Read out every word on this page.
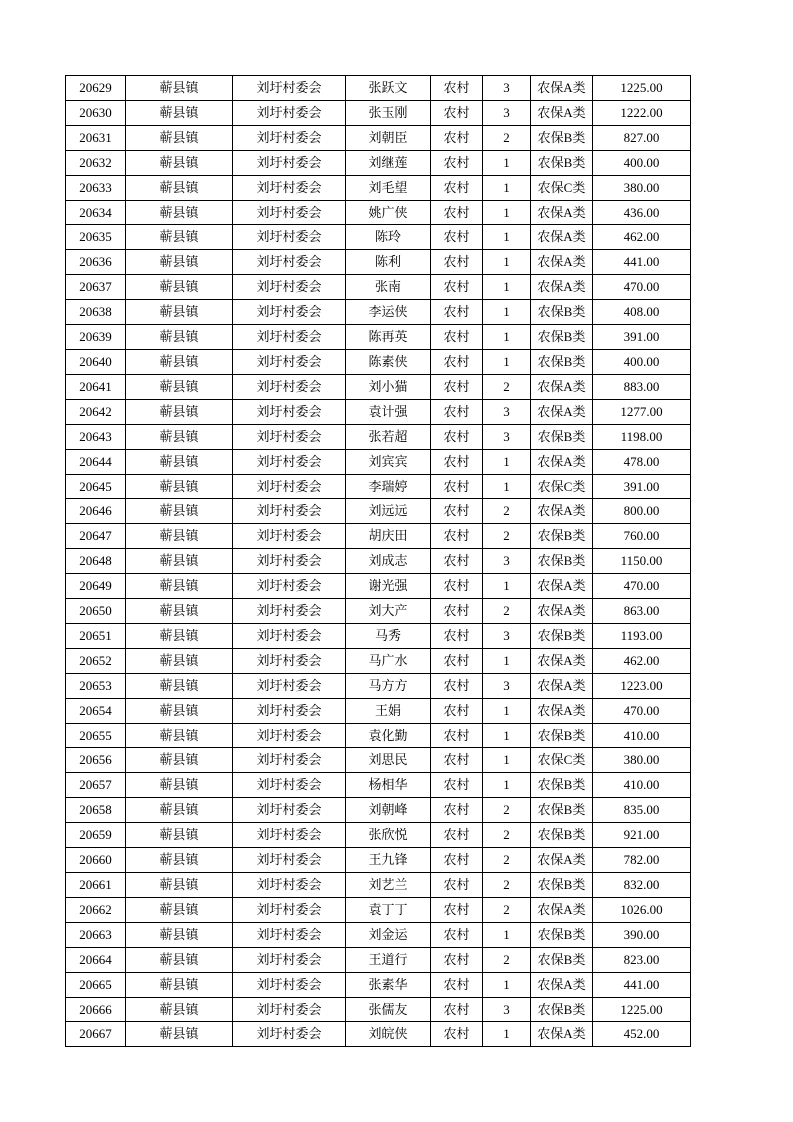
20629	蕲县镇	刘圩村委会	张跃文	农村	3	农保A类	1225.00
20630	蕲县镇	刘圩村委会	张玉刚	农村	3	农保A类	1222.00
20631	蕲县镇	刘圩村委会	刘朝臣	农村	2	农保B类	827.00
20632	蕲县镇	刘圩村委会	刘继莲	农村	1	农保B类	400.00
20633	蕲县镇	刘圩村委会	刘毛望	农村	1	农保C类	380.00
20634	蕲县镇	刘圩村委会	姚广侠	农村	1	农保A类	436.00
20635	蕲县镇	刘圩村委会	陈玲	农村	1	农保A类	462.00
20636	蕲县镇	刘圩村委会	陈利	农村	1	农保A类	441.00
20637	蕲县镇	刘圩村委会	张南	农村	1	农保A类	470.00
20638	蕲县镇	刘圩村委会	李运侠	农村	1	农保B类	408.00
20639	蕲县镇	刘圩村委会	陈再英	农村	1	农保B类	391.00
20640	蕲县镇	刘圩村委会	陈素侠	农村	1	农保B类	400.00
20641	蕲县镇	刘圩村委会	刘小猫	农村	2	农保A类	883.00
20642	蕲县镇	刘圩村委会	袁计强	农村	3	农保A类	1277.00
20643	蕲县镇	刘圩村委会	张若超	农村	3	农保B类	1198.00
20644	蕲县镇	刘圩村委会	刘宾宾	农村	1	农保A类	478.00
20645	蕲县镇	刘圩村委会	李瑞婷	农村	1	农保C类	391.00
20646	蕲县镇	刘圩村委会	刘远远	农村	2	农保A类	800.00
20647	蕲县镇	刘圩村委会	胡庆田	农村	2	农保B类	760.00
20648	蕲县镇	刘圩村委会	刘成志	农村	3	农保B类	1150.00
20649	蕲县镇	刘圩村委会	谢光强	农村	1	农保A类	470.00
20650	蕲县镇	刘圩村委会	刘大产	农村	2	农保A类	863.00
20651	蕲县镇	刘圩村委会	马秀	农村	3	农保B类	1193.00
20652	蕲县镇	刘圩村委会	马广水	农村	1	农保A类	462.00
20653	蕲县镇	刘圩村委会	马方方	农村	3	农保A类	1223.00
20654	蕲县镇	刘圩村委会	王娟	农村	1	农保A类	470.00
20655	蕲县镇	刘圩村委会	袁化勤	农村	1	农保B类	410.00
20656	蕲县镇	刘圩村委会	刘思民	农村	1	农保C类	380.00
20657	蕲县镇	刘圩村委会	杨相华	农村	1	农保B类	410.00
20658	蕲县镇	刘圩村委会	刘朝峰	农村	2	农保B类	835.00
20659	蕲县镇	刘圩村委会	张欣悦	农村	2	农保B类	921.00
20660	蕲县镇	刘圩村委会	王九锋	农村	2	农保A类	782.00
20661	蕲县镇	刘圩村委会	刘艺兰	农村	2	农保B类	832.00
20662	蕲县镇	刘圩村委会	袁丁丁	农村	2	农保A类	1026.00
20663	蕲县镇	刘圩村委会	刘金运	农村	1	农保B类	390.00
20664	蕲县镇	刘圩村委会	王道行	农村	2	农保B类	823.00
20665	蕲县镇	刘圩村委会	张素华	农村	1	农保A类	441.00
20666	蕲县镇	刘圩村委会	张儒友	农村	3	农保B类	1225.00
20667	蕲县镇	刘圩村委会	刘皖侠	农村	1	农保A类	452.00
